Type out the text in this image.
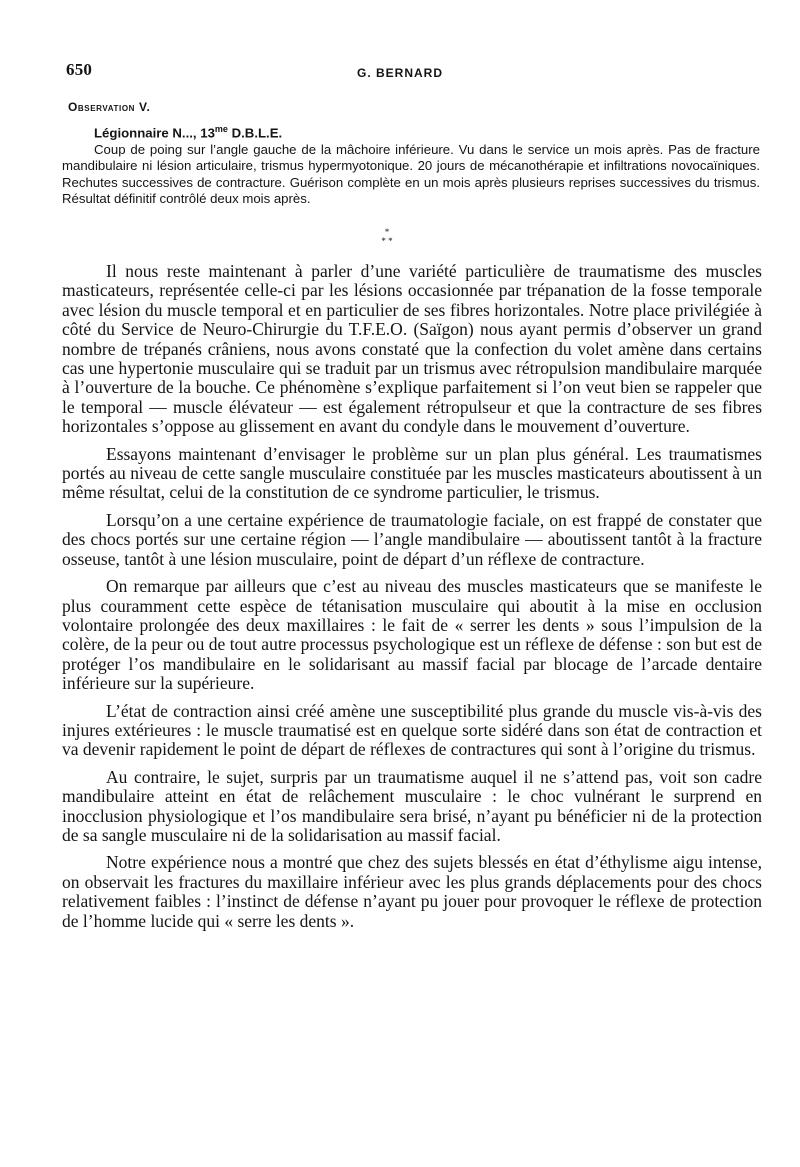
650	G. BERNARD
Observation V.

Légionnaire N..., $13^{me}$ D.B.L.E.

Coup de poing sur l’angle gauche de la mâchoire inférieure. Vu dans le service un mois après. Pas de fracture mandibulaire ni lésion articulaire, trismus hypermyotonique. 20 jours de mécanothérapie et infiltrations novocaïniques. Rechutes successives de contracture. Guérison complète en un mois après plusieurs reprises successives du trismus. Résultat définitif contrôlé deux mois après.

*
* *

Il nous reste maintenant à parler d’une variété particulière de traumatisme des muscles masticateurs, représentée celle-ci par les lésions occasionnée par trépanation de la fosse temporale avec lésion du muscle temporal et en particulier de ses fibres horizontales. Notre place privilégiée à côté du Service de Neuro-Chirurgie du T.F.E.O. (Saïgon) nous ayant permis d’observer un grand nombre de trépanés crâniens, nous avons constaté que la confection du volet amène dans certains cas une hypertonie musculaire qui se traduit par un trismus avec rétropulsion mandibulaire marquée à l’ouverture de la bouche. Ce phénomène s’explique parfaitement si l’on veut bien se rappeler que le temporal — muscle élévateur — est également rétropulseur et que la contracture de ses fibres horizontales s’oppose au glissement en avant du condyle dans le mouvement d’ouverture.

Essayons maintenant d’envisager le problème sur un plan plus général. Les traumatismes portés au niveau de cette sangle musculaire constituée par les muscles masticateurs aboutissent à un même résultat, celui de la constitution de ce syndrome particulier, le trismus.

Lorsqu’on a une certaine expérience de traumatologie faciale, on est frappé de constater que des chocs portés sur une certaine région — l’angle mandibulaire — aboutissent tantôt à la fracture osseuse, tantôt à une lésion musculaire, point de départ d’un réflexe de contracture.

On remarque par ailleurs que c’est au niveau des muscles masticateurs que se manifeste le plus couramment cette espèce de tétanisation musculaire qui aboutit à la mise en occlusion volontaire prolongée des deux maxillaires : le fait de « serrer les dents » sous l’impulsion de la colère, de la peur ou de tout autre processus psychologique est un réflexe de défense : son but est de protéger l’os mandibulaire en le solidarisant au massif facial par blocage de l’arcade dentaire inférieure sur la supérieure.

L’état de contraction ainsi créé amène une susceptibilité plus grande du muscle vis-à-vis des injures extérieures : le muscle traumatisé est en quelque sorte sidéré dans son état de contraction et va devenir rapidement le point de départ de réflexes de contractures qui sont à l’origine du trismus.

Au contraire, le sujet, surpris par un traumatisme auquel il ne s’attend pas, voit son cadre mandibulaire atteint en état de relâchement musculaire : le choc vulnérant le surprend en inocclusion physiologique et l’os mandibulaire sera brisé, n’ayant pu bénéficier ni de la protection de sa sangle musculaire ni de la solidarisation au massif facial.

Notre expérience nous a montré que chez des sujets blessés en état d’éthylisme aigu intense, on observait les fractures du maxillaire inférieur avec les plus grands déplacements pour des chocs relativement faibles : l’instinct de défense n’ayant pu jouer pour provoquer le réflexe de protection de l’homme lucide qui « serre les dents ».
